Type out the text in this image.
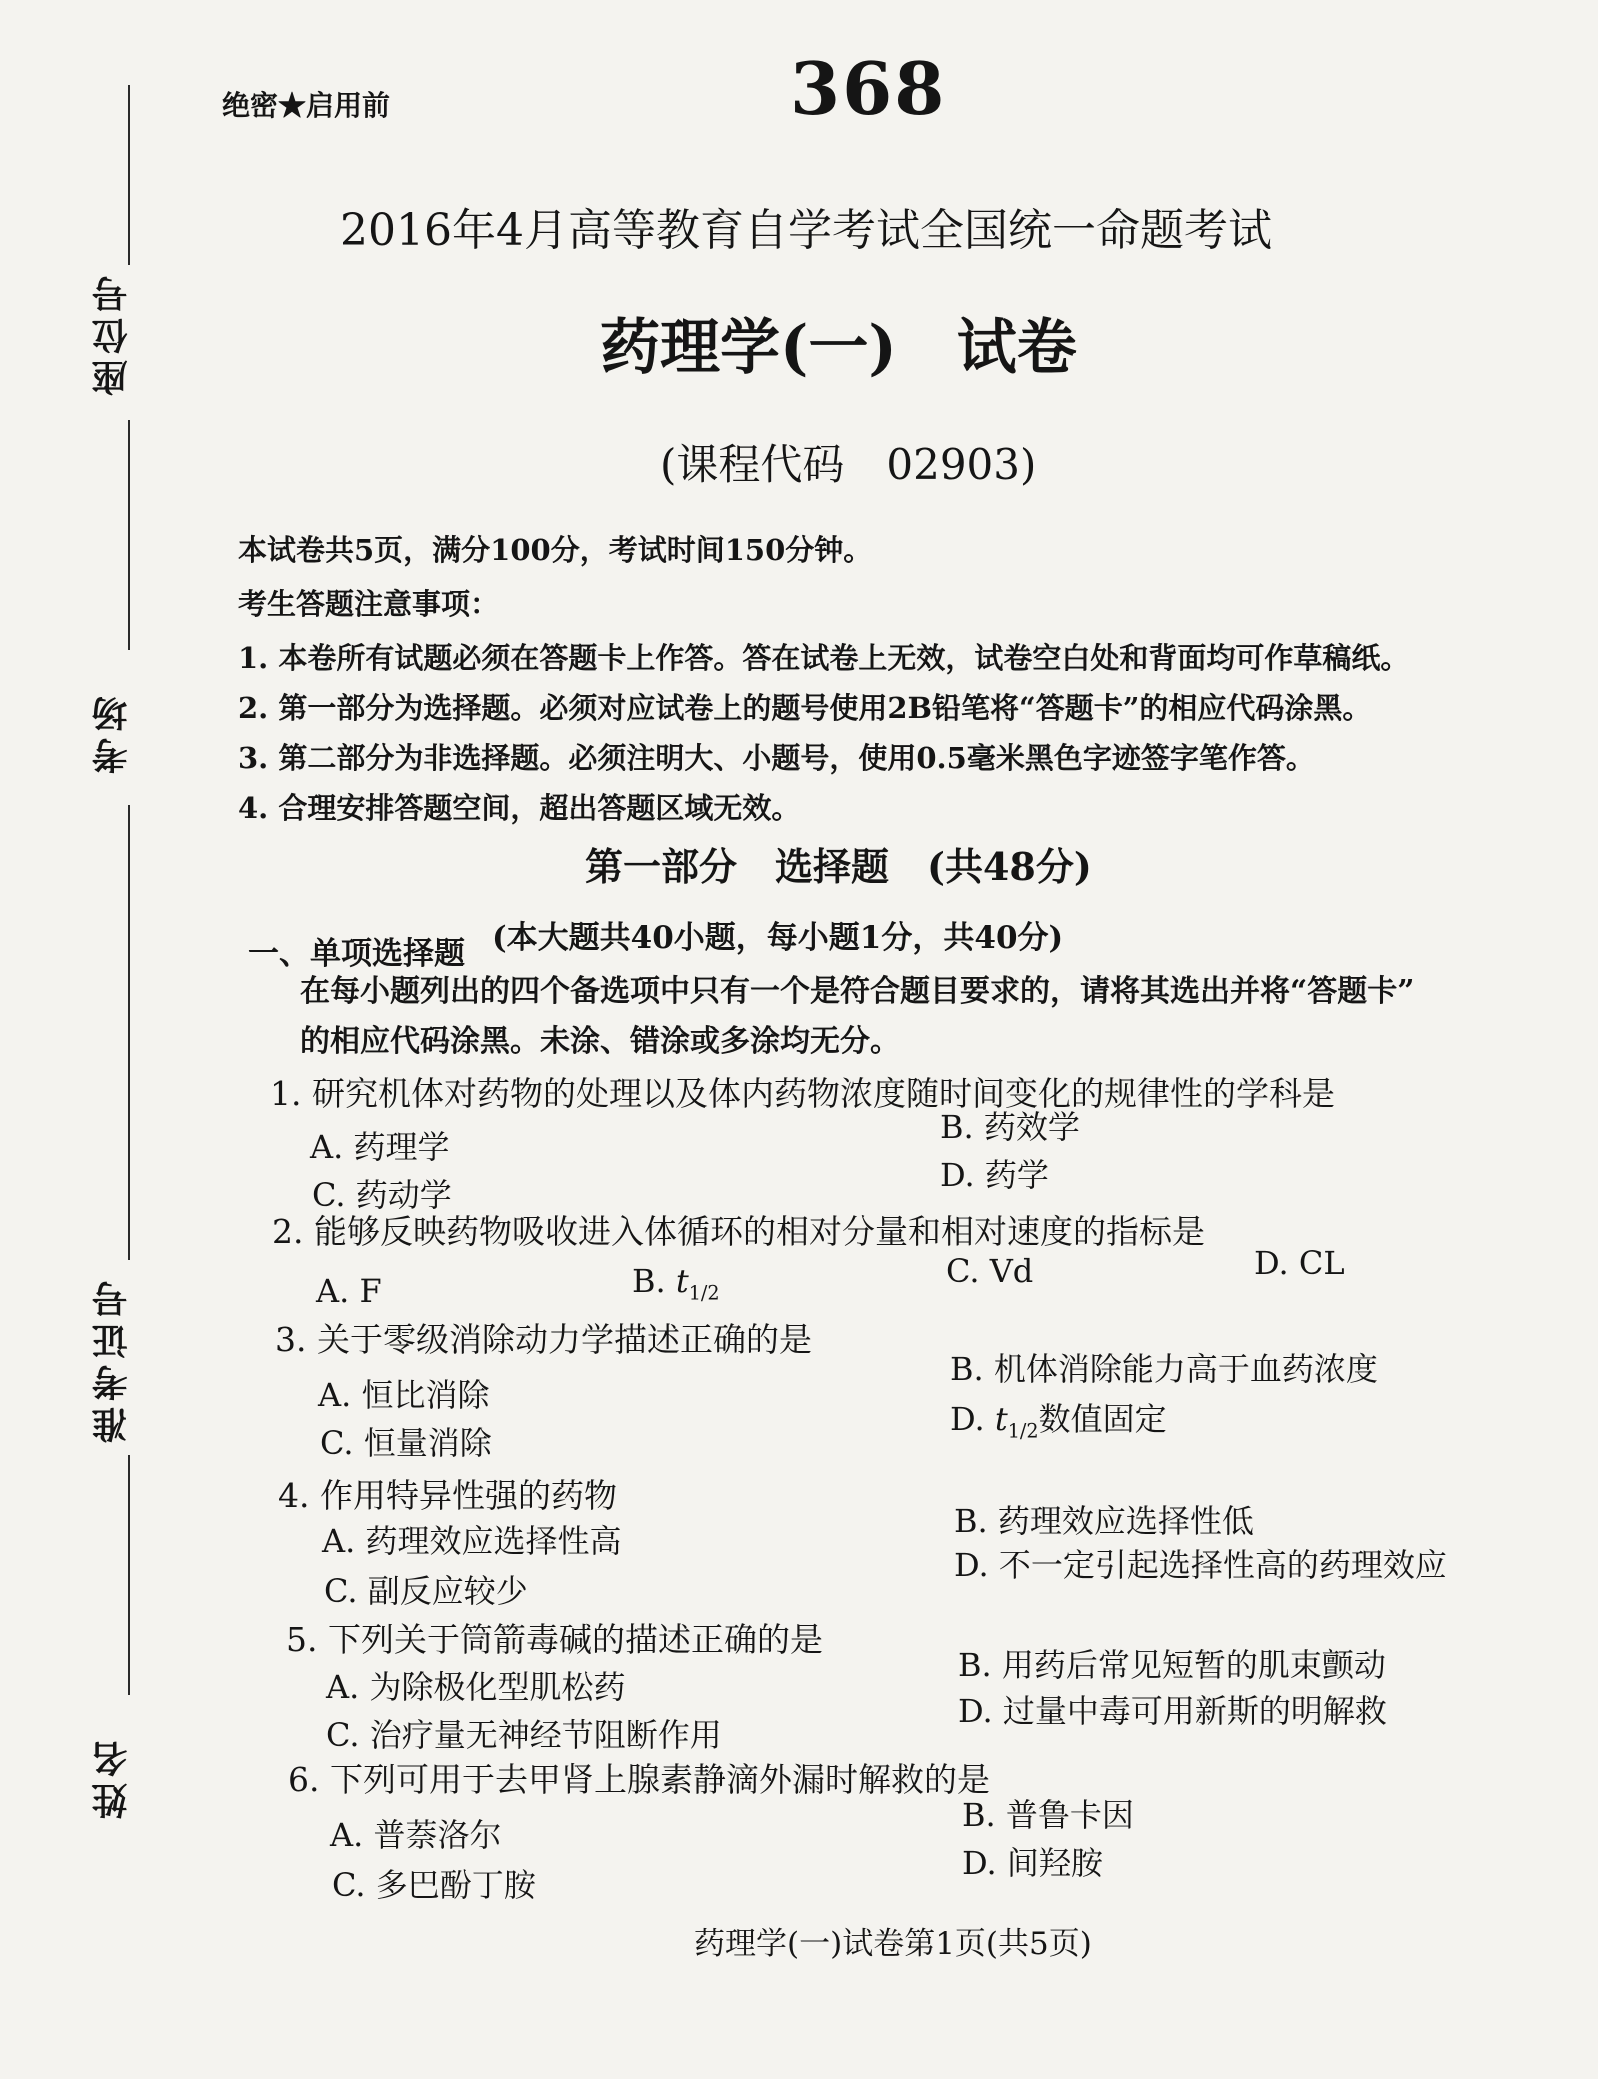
座位号
考场
准考证号
姓名
绝密★启用前	368
2016年4月高等教育自学考试全国统一命题考试
药理学(一)　试卷
(课程代码　02903)
本试卷共5页，满分100分，考试时间150分钟。
考生答题注意事项：
1. 本卷所有试题必须在答题卡上作答。答在试卷上无效，试卷空白处和背面均可作草稿纸。
2. 第一部分为选择题。必须对应试卷上的题号使用2B铅笔将“答题卡”的相应代码涂黑。
3. 第二部分为非选择题。必须注明大、小题号，使用0.5毫米黑色字迹签字笔作答。
4. 合理安排答题空间，超出答题区域无效。
第一部分　选择题　(共48分)
一、单项选择题 (本大题共40小题，每小题1分，共40分)
在每小题列出的四个备选项中只有一个是符合题目要求的，请将其选出并将“答题卡”
的相应代码涂黑。未涂、错涂或多涂均无分。
1. 研究机体对药物的处理以及体内药物浓度随时间变化的规律性的学科是
A. 药理学
B. 药效学
C. 药动学
D. 药学
2. 能够反映药物吸收进入体循环的相对分量和相对速度的指标是
A. F	B. $t_{1/2}$
C. Vd	D. CL
3. 关于零级消除动力学描述正确的是
A. 恒比消除
B. 机体消除能力高于血药浓度
C. 恒量消除
D. $t_{1/2}$数值固定
4. 作用特异性强的药物
A. 药理效应选择性高
B. 药理效应选择性低
C. 副反应较少
D. 不一定引起选择性高的药理效应
5. 下列关于筒箭毒碱的描述正确的是
A. 为除极化型肌松药
B. 用药后常见短暂的肌束颤动
C. 治疗量无神经节阻断作用
D. 过量中毒可用新斯的明解救
6. 下列可用于去甲肾上腺素静滴外漏时解救的是
A. 普萘洛尔
B. 普鲁卡因
C. 多巴酚丁胺
D. 间羟胺
药理学(一)试卷第1页(共5页)
